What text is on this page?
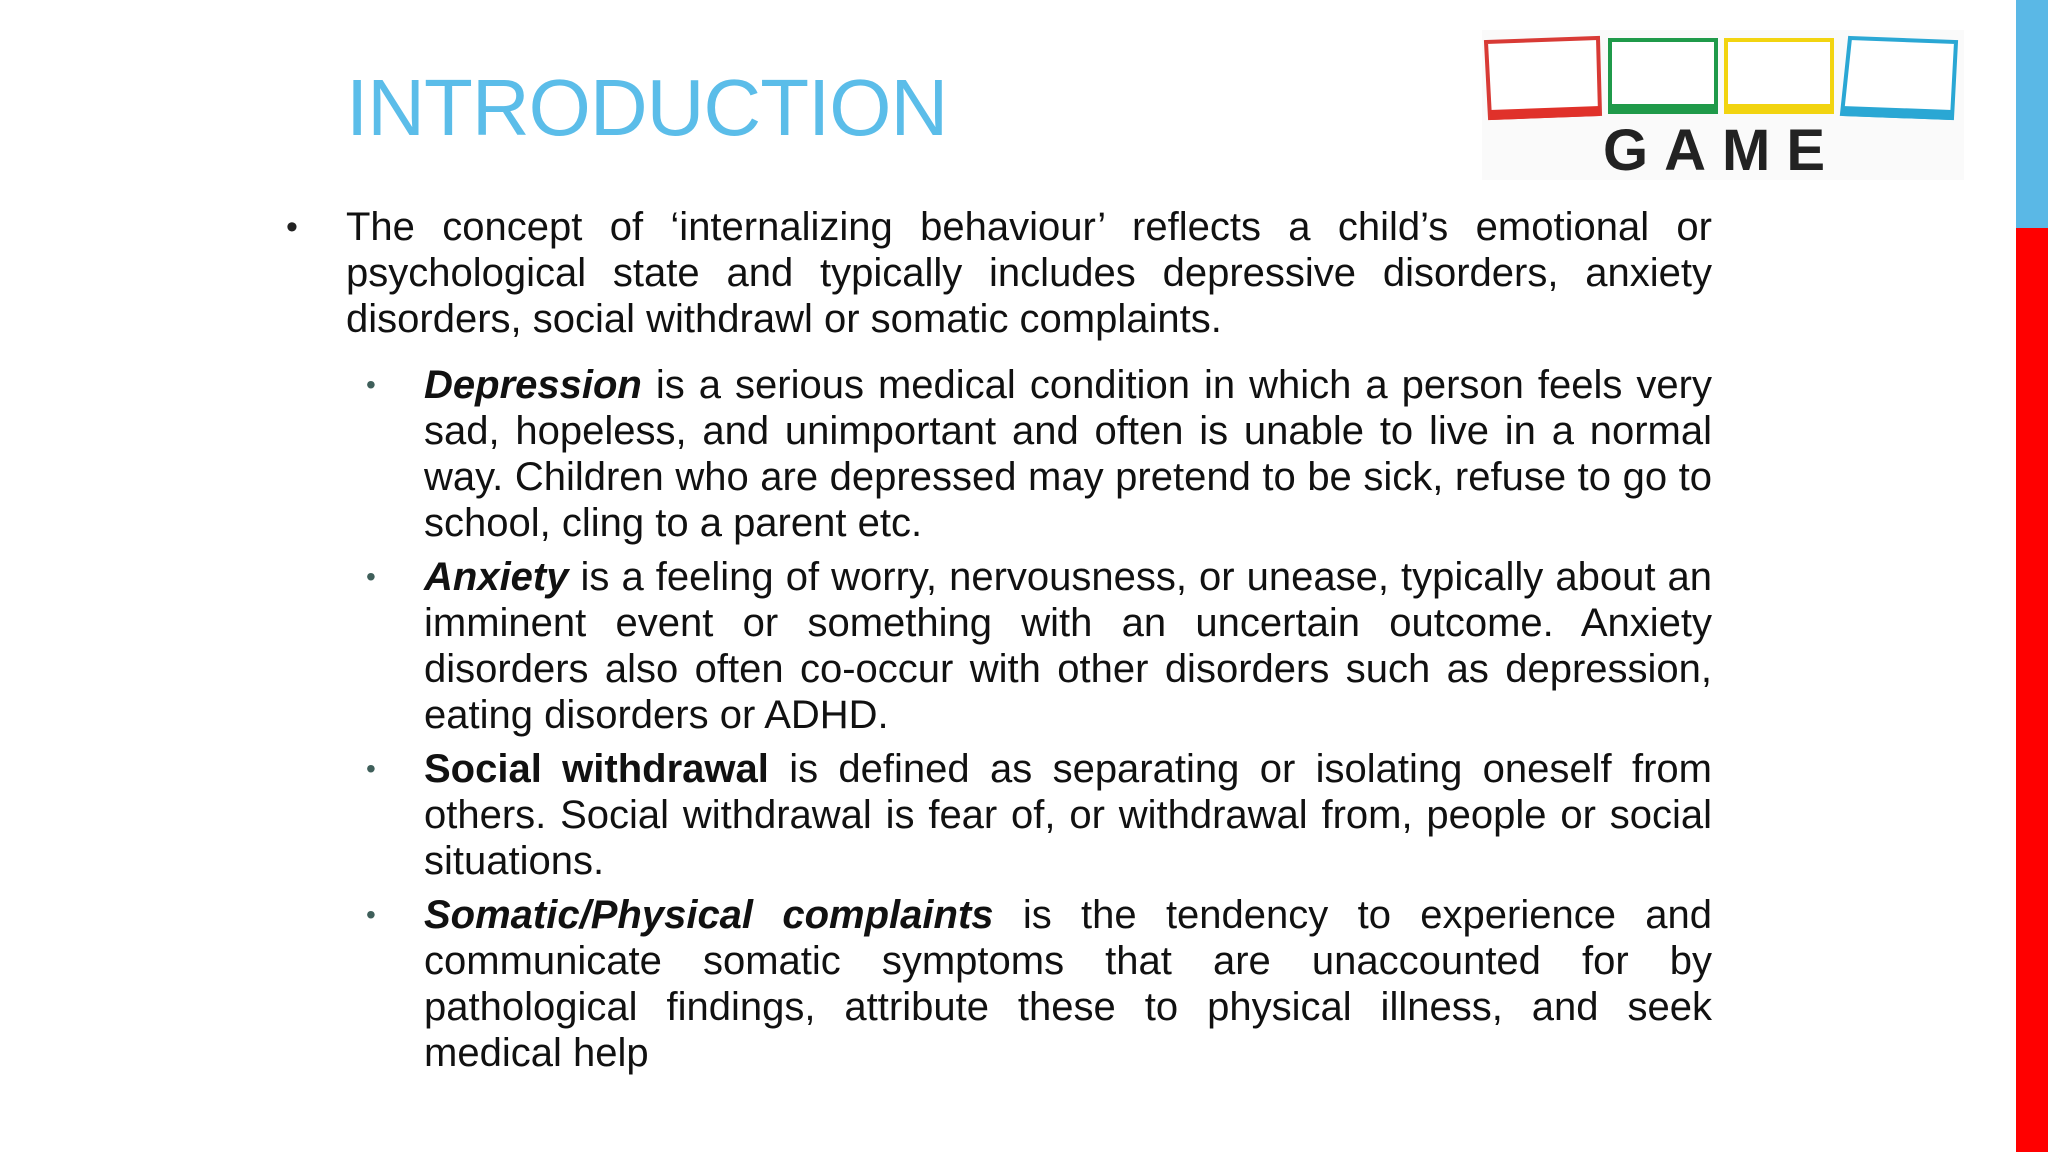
INTRODUCTION	GAME
• The concept of ‘internalizing behaviour’ reflects a child’s emotional or psychological state and typically includes depressive disorders, anxiety disorders, social withdrawl or somatic complaints.
• Depression is a serious medical condition in which a person feels very sad, hopeless, and unimportant and often is unable to live in a normal way. Children who are depressed may pretend to be sick, refuse to go to school, cling to a parent etc.
• Anxiety is a feeling of worry, nervousness, or unease, typically about an imminent event or something with an uncertain outcome. Anxiety disorders also often co-occur with other disorders such as depression, eating disorders or ADHD.
• Social withdrawal is defined as separating or isolating oneself from others. Social withdrawal is fear of, or withdrawal from, people or social situations.
• Somatic/Physical complaints is the tendency to experience and communicate somatic symptoms that are unaccounted for by pathological findings, attribute these to physical illness, and seek medical help
